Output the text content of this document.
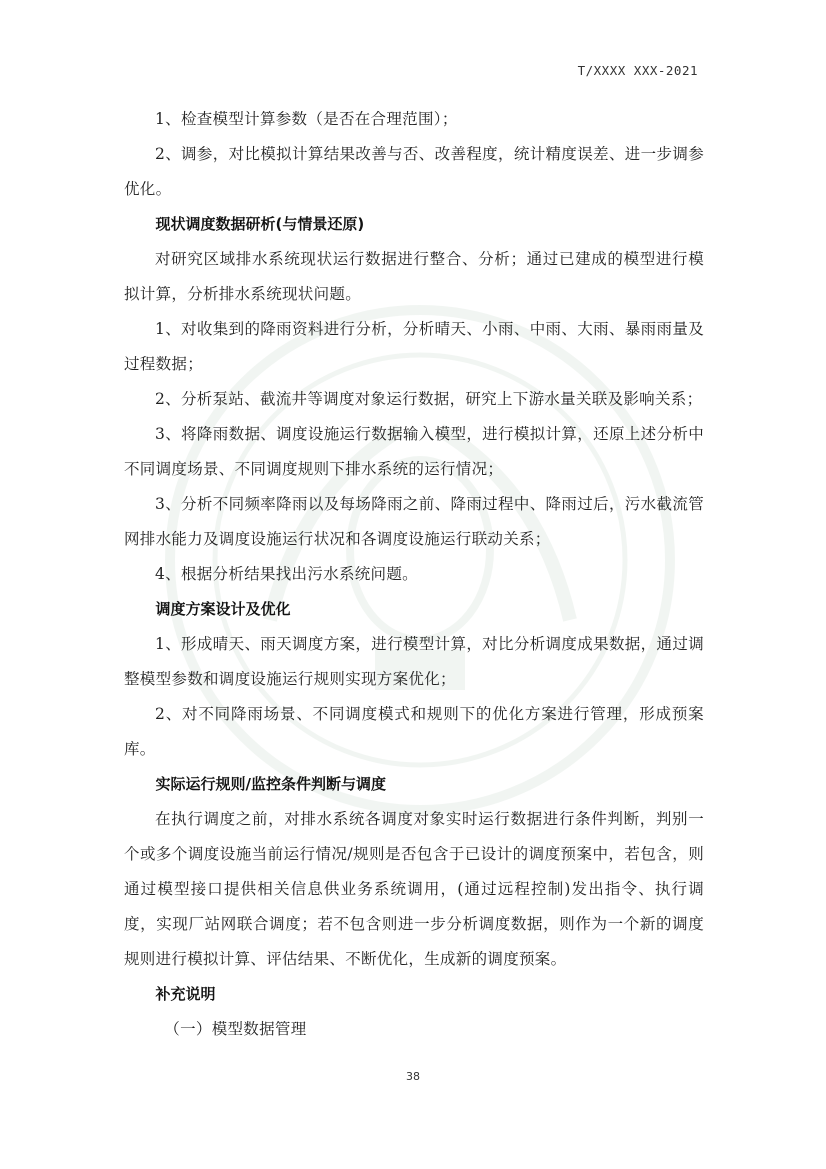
T/XXXX XXX-2021

1、检查模型计算参数（是否在合理范围）；

2、调参，对比模拟计算结果改善与否、改善程度，统计精度误差、进一步调参优化。

现状调度数据研析(与情景还原)

对研究区域排水系统现状运行数据进行整合、分析；通过已建成的模型进行模拟计算，分析排水系统现状问题。

1、对收集到的降雨资料进行分析，分析晴天、小雨、中雨、大雨、暴雨雨量及过程数据；

2、分析泵站、截流井等调度对象运行数据，研究上下游水量关联及影响关系；

3、将降雨数据、调度设施运行数据输入模型，进行模拟计算，还原上述分析中不同调度场景、不同调度规则下排水系统的运行情况；

3、分析不同频率降雨以及每场降雨之前、降雨过程中、降雨过后，污水截流管网排水能力及调度设施运行状况和各调度设施运行联动关系；

4、根据分析结果找出污水系统问题。

调度方案设计及优化

1、形成晴天、雨天调度方案，进行模型计算，对比分析调度成果数据，通过调整模型参数和调度设施运行规则实现方案优化；

2、对不同降雨场景、不同调度模式和规则下的优化方案进行管理，形成预案库。

实际运行规则/监控条件判断与调度

在执行调度之前，对排水系统各调度对象实时运行数据进行条件判断，判别一个或多个调度设施当前运行情况/规则是否包含于已设计的调度预案中，若包含，则通过模型接口提供相关信息供业务系统调用，(通过远程控制)发出指令、执行调度，实现厂站网联合调度；若不包含则进一步分析调度数据，则作为一个新的调度规则进行模拟计算、评估结果、不断优化，生成新的调度预案。

补充说明

（一）模型数据管理

38
